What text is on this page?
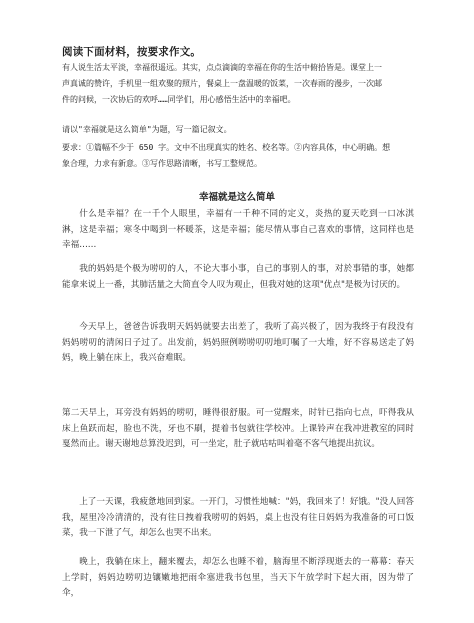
阅读下面材料，按要求作文。
有人说生活太平淡，幸福很遥远。其实，点点滴滴的幸福在你的生活中俯拾皆是。课堂上一
声真诚的赞许，手机里一组欢聚的照片，餐桌上一盘温暖的饭菜，一次春雨的漫步，一次邮
件的问候，一次协后的欢呼……同学们，用心感悟生活中的幸福吧。
请以"幸福就是这么简单"为题，写一篇记叙文。
要求：①篇幅不少于 650 字。文中不出现真实的姓名、校名等。②内容具体，中心明确。想
象合理，力求有新意。③写作思路清晰，书写工整规范。
幸福就是这么简单
什么是幸福？在一千个人眼里，幸福有一千种不同的定义，炎热的夏天吃到一口冰淇淋，这是幸福；寒冬中喝到一杯暖茶，这是幸福；能尽情从事自己喜欢的事情，这同样也是幸福……
我的妈妈是个极为唠叨的人，不论大事小事，自己的事别人的事，对於事错的事，她都能拿来说上一番，其肺活量之大简直令人叹为观止，但我对她的这项"优点"是极为讨厌的。
今天早上，爸爸告诉我明天妈妈就要去出差了，我听了高兴极了，因为我终于有段没有妈妈唠叨的清闲日子过了。出发前，妈妈照例唠唠叨叨地叮嘱了一大堆，好不容易送走了妈妈，晚上躺在床上，我兴奋难眠。
第二天早上，耳旁没有妈妈的唠叨，睡得很舒服。可一觉醒来，时针已指向七点，吓得我从床上鱼跃而起，脸也不洗，牙也不刷，提着书包就往学校冲。上课铃声在我冲进教室的同时戛然而止。谢天谢地总算没迟到，可一坐定，肚子就咕咕叫着毫不客气地提出抗议。
上了一天课，我疲惫地回到家。一开门，习惯性地喊："妈，我回来了！好饿。"没人回答我，屋里冷冷清清的，没有往日拽着我唠叨的妈妈，桌上也没有往日妈妈为我准备的可口饭菜，我一下泄了气，却怎么也哭不出来。
晚上，我躺在床上，翻来覆去，却怎么也睡不着，脑海里不断浮现逝去的一幕幕：春天上学时，妈妈边唠叨边镶嫩地把雨伞塞进我书包里，当天下午放学时下起大雨，因为带了伞，
